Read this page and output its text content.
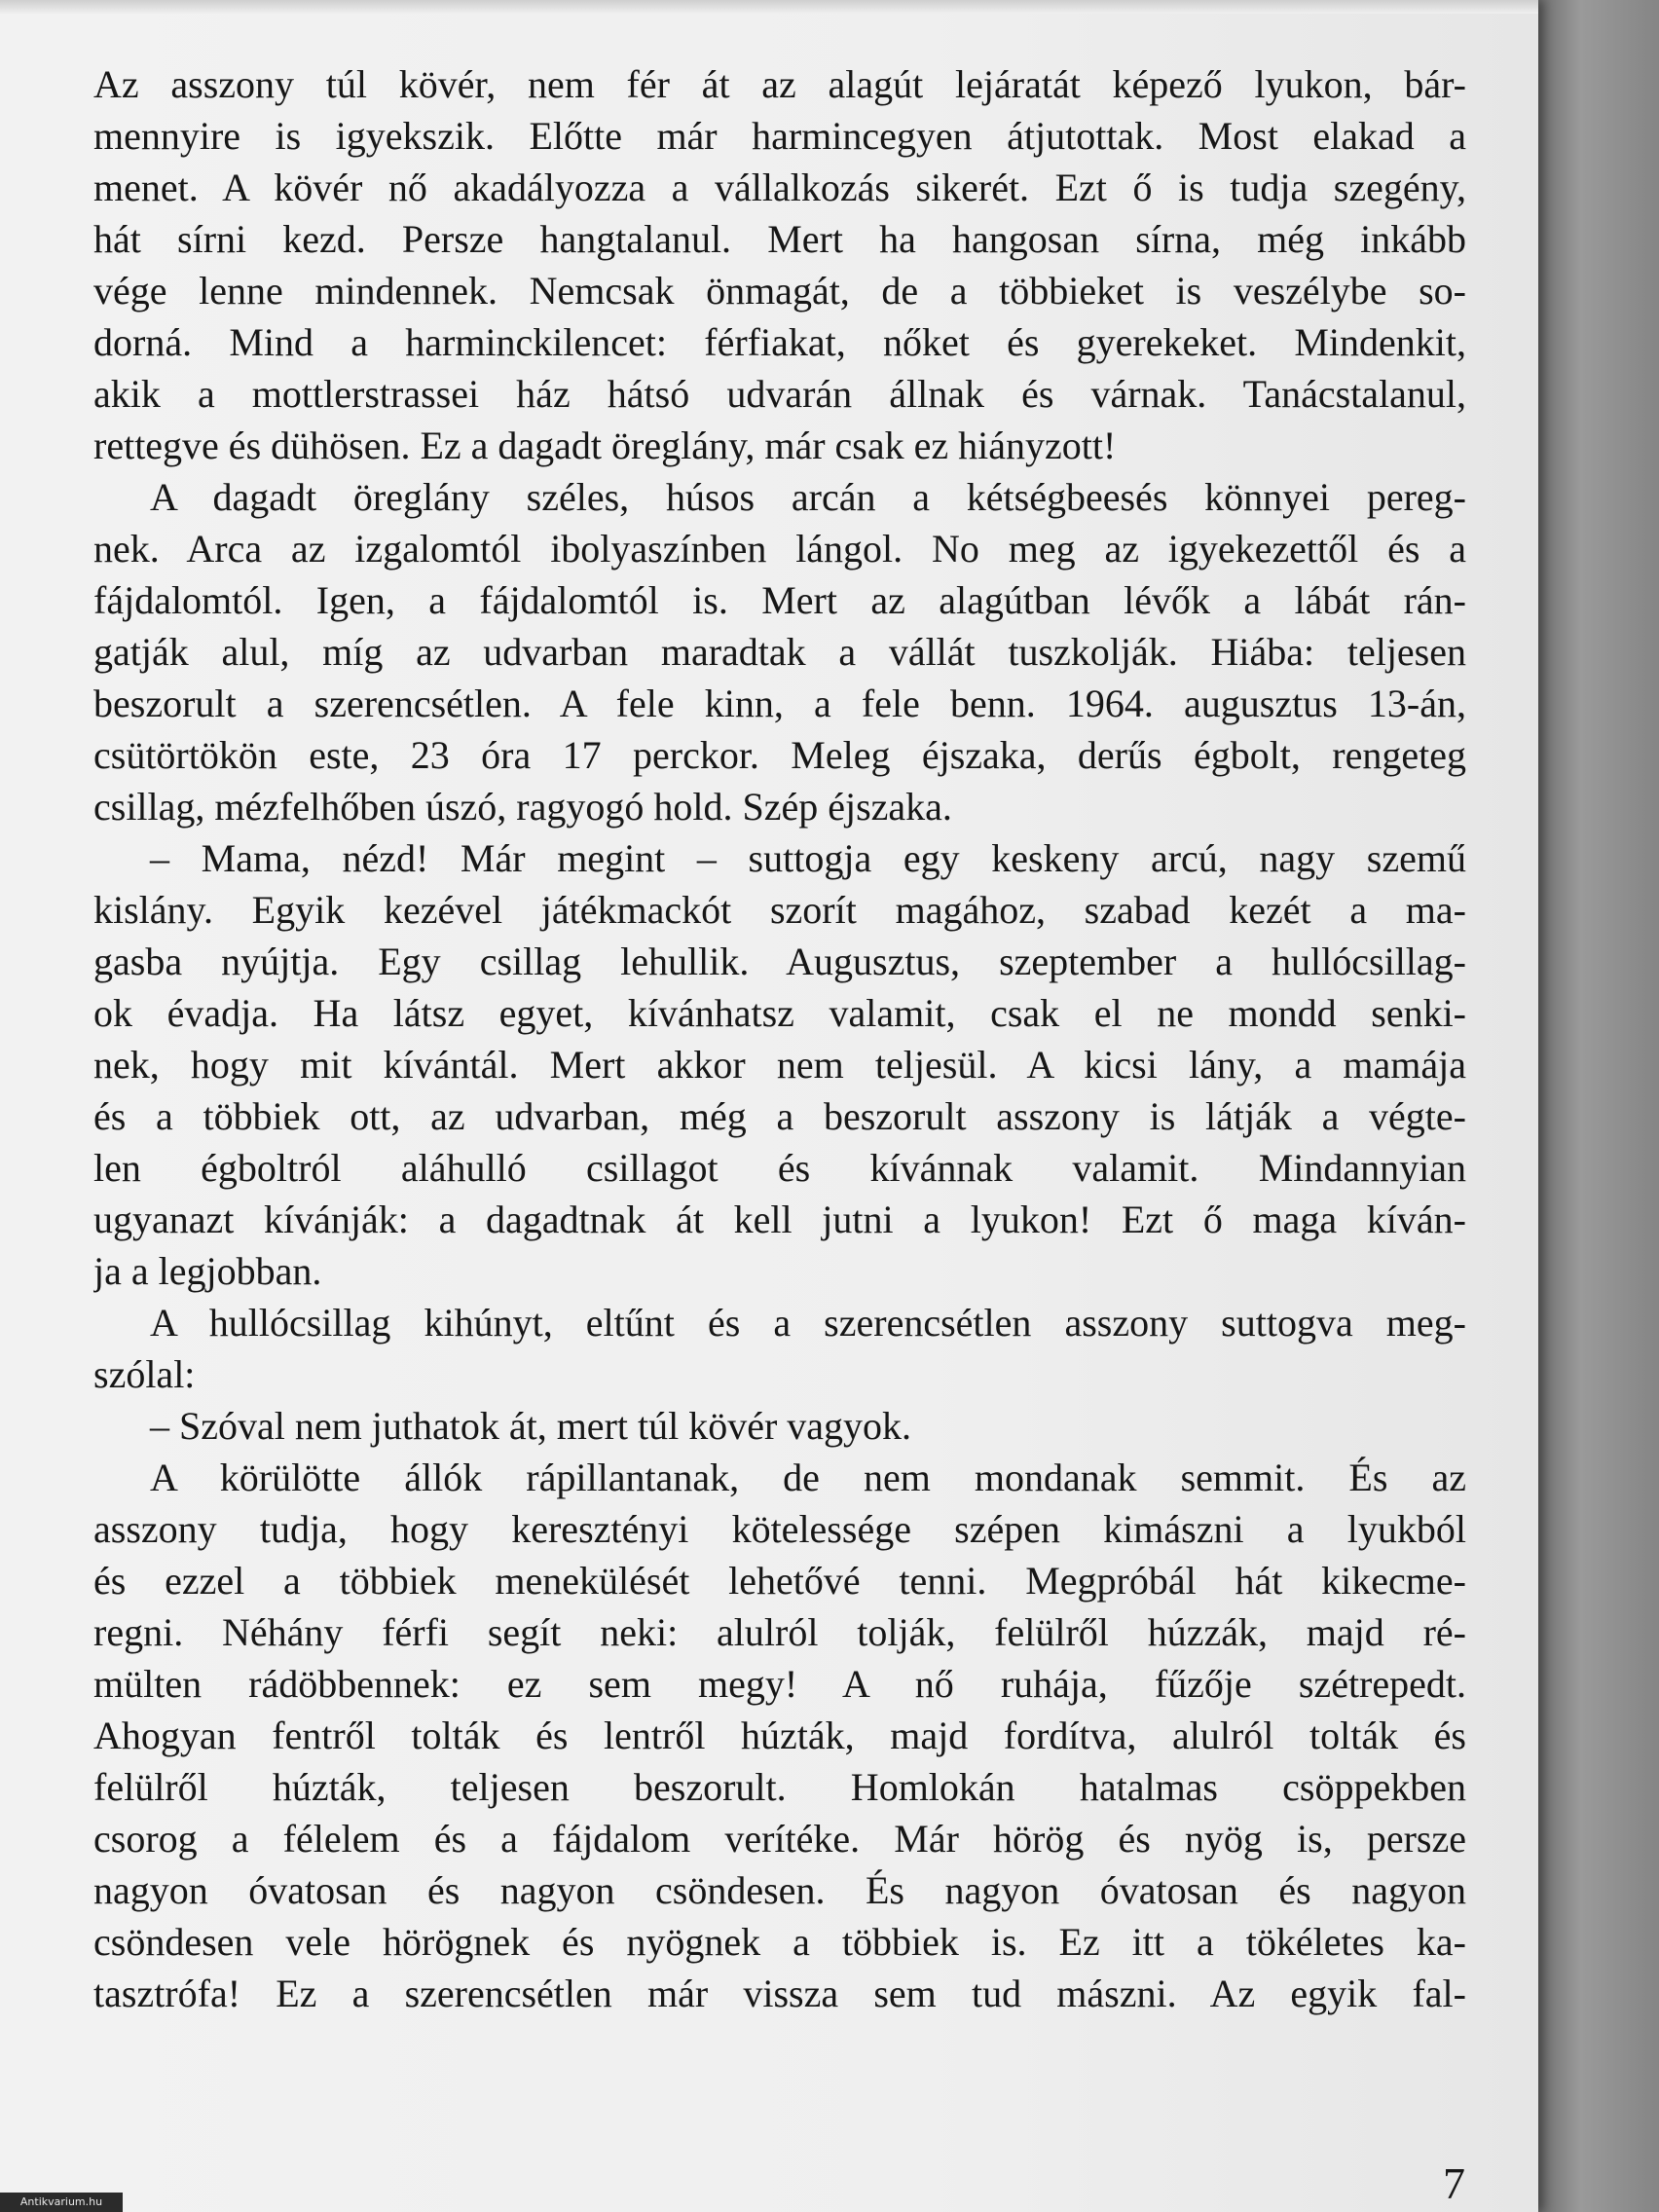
Az asszony túl kövér, nem fér át az alagút lejáratát képező lyukon, bár-
mennyire is igyekszik. Előtte már harmincegyen átjutottak. Most elakad a
menet. A kövér nő akadályozza a vállalkozás sikerét. Ezt ő is tudja szegény,
hát sírni kezd. Persze hangtalanul. Mert ha hangosan sírna, még inkább
vége lenne mindennek. Nemcsak önmagát, de a többieket is veszélybe so-
dorná. Mind a harminckilencet: férfiakat, nőket és gyerekeket. Mindenkit,
akik a mottlerstrassei ház hátsó udvarán állnak és várnak. Tanácstalanul,
rettegve és dühösen. Ez a dagadt öreglány, már csak ez hiányzott!
A dagadt öreglány széles, húsos arcán a kétségbeesés könnyei pereg-
nek. Arca az izgalomtól ibolyaszínben lángol. No meg az igyekezettől és a
fájdalomtól. Igen, a fájdalomtól is. Mert az alagútban lévők a lábát rán-
gatják alul, míg az udvarban maradtak a vállát tuszkolják. Hiába: teljesen
beszorult a szerencsétlen. A fele kinn, a fele benn. 1964. augusztus 13-án,
csütörtökön este, 23 óra 17 perckor. Meleg éjszaka, derűs égbolt, rengeteg
csillag, mézfelhőben úszó, ragyogó hold. Szép éjszaka.
– Mama, nézd! Már megint – suttogja egy keskeny arcú, nagy szemű
kislány. Egyik kezével játékmackót szorít magához, szabad kezét a ma-
gasba nyújtja. Egy csillag lehullik. Augusztus, szeptember a hullócsillag-
ok évadja. Ha látsz egyet, kívánhatsz valamit, csak el ne mondd senki-
nek, hogy mit kívántál. Mert akkor nem teljesül. A kicsi lány, a mamája
és a többiek ott, az udvarban, még a beszorult asszony is látják a végte-
len égboltról aláhulló csillagot és kívánnak valamit. Mindannyian
ugyanazt kívánják: a dagadtnak át kell jutni a lyukon! Ezt ő maga kíván-
ja a legjobban.
A hullócsillag kihúnyt, eltűnt és a szerencsétlen asszony suttogva meg-
szólal:
– Szóval nem juthatok át, mert túl kövér vagyok.
A körülötte állók rápillantanak, de nem mondanak semmit. És az
asszony tudja, hogy keresztényi kötelessége szépen kimászni a lyukból
és ezzel a többiek menekülését lehetővé tenni. Megpróbál hát kikecme-
regni. Néhány férfi segít neki: alulról tolják, felülről húzzák, majd ré-
mülten rádöbbennek: ez sem megy! A nő ruhája, fűzője szétrepedt.
Ahogyan fentről tolták és lentről húzták, majd fordítva, alulról tolták és
felülről húzták, teljesen beszorult. Homlokán hatalmas csöppekben
csorog a félelem és a fájdalom verítéke. Már hörög és nyög is, persze
nagyon óvatosan és nagyon csöndesen. És nagyon óvatosan és nagyon
csöndesen vele hörögnek és nyögnek a többiek is. Ez itt a tökéletes ka-
tasztrófa! Ez a szerencsétlen már vissza sem tud mászni. Az egyik fal-
7
Antikvarium.hu
